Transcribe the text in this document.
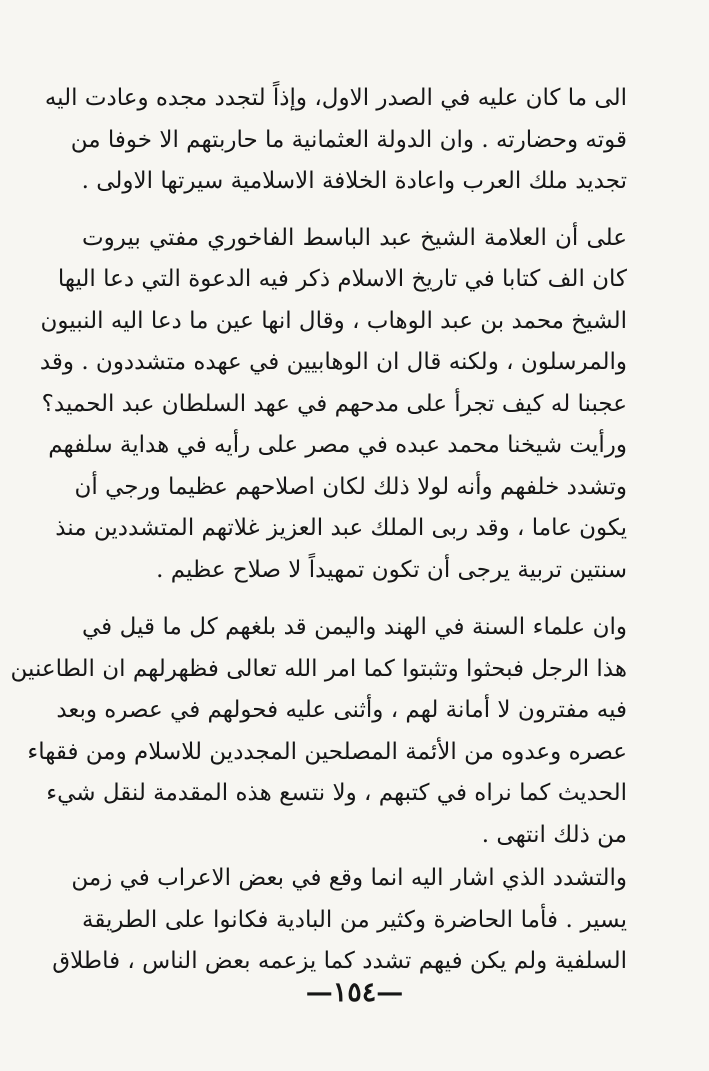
الى ما كان عليه في الصدر الاول، وإذاً لتجدد مجده وعادت اليه
قوته وحضارته . وان الدولة العثمانية ما حاربتهم الا خوفا من
تجديد ملك العرب واعادة الخلافة الاسلامية سيرتها الاولى .
على أن العلامة الشيخ عبد الباسط الفاخوري مفتي بيروت
كان الف كتابا في تاريخ الاسلام ذكر فيه الدعوة التي دعا اليها
الشيخ محمد بن عبد الوهاب ، وقال انها عين ما دعا اليه النبيون
والمرسلون ، ولكنه قال ان الوهابيين في عهده متشددون . وقد
عجبنا له كيف تجرأ على مدحهم في عهد السلطان عبد الحميد؟
ورأيت شيخنا محمد عبده في مصر على رأيه في هداية سلفهم
وتشدد خلفهم وأنه لولا ذلك لكان اصلاحهم عظيما ورجي أن
يكون عاما ، وقد ربى الملك عبد العزيز غلاتهم المتشددين منذ
سنتين تربية يرجى أن تكون تمهيداً لا صلاح عظيم .
وان علماء السنة في الهند واليمن قد بلغهم كل ما قيل في
هذا الرجل فبحثوا وتثبتوا كما امر الله تعالى فظهرلهم ان الطاعنين
فيه مفترون لا أمانة لهم ، وأثنى عليه فحولهم في عصره وبعد
عصره وعدوه من الأئمة المصلحين المجددين للاسلام ومن فقهاء
الحديث كما نراه في كتبهم ، ولا نتسع هذه المقدمة لنقل شيء
من ذلك انتهى .
والتشدد الذي اشار اليه انما وقع في بعض الاعراب في زمن
يسير . فأما الحاضرة وكثير من البادية فكانوا على الطريقة
السلفية ولم يكن فيهم تشدد كما يزعمه بعض الناس ، فاطلاق
—١٥٤—
